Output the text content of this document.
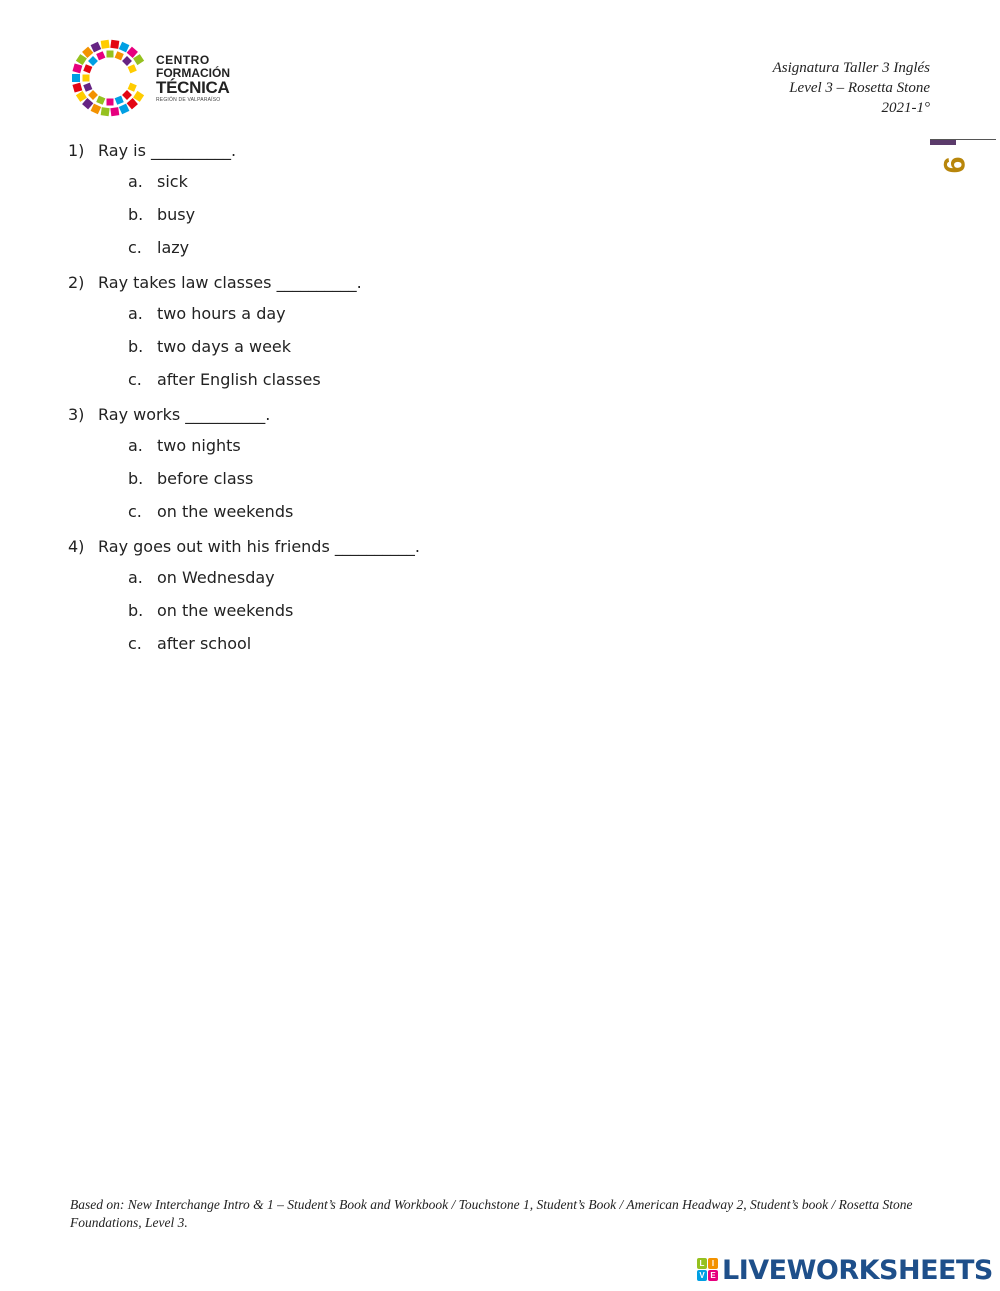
CENTRO
FORMACIÓN
TÉCNICA
REGIÓN DE VALPARAÍSO
Asignatura Taller 3 Inglés
Level 3 – Rosetta Stone
2021-1°
9
1) Ray is __________.
a. sick
b. busy
c. lazy
2) Ray takes law classes __________.
a. two hours a day
b. two days a week
c. after English classes
3) Ray works __________.
a. two nights
b. before class
c. on the weekends
4) Ray goes out with his friends __________.
a. on Wednesday
b. on the weekends
c. after school
Based on: New Interchange Intro & 1 – Student’s Book and Workbook / Touchstone 1, Student’s Book / American Headway 2, Student’s book / Rosetta Stone Foundations, Level 3.
L I
V E LIVEWORKSHEETS
